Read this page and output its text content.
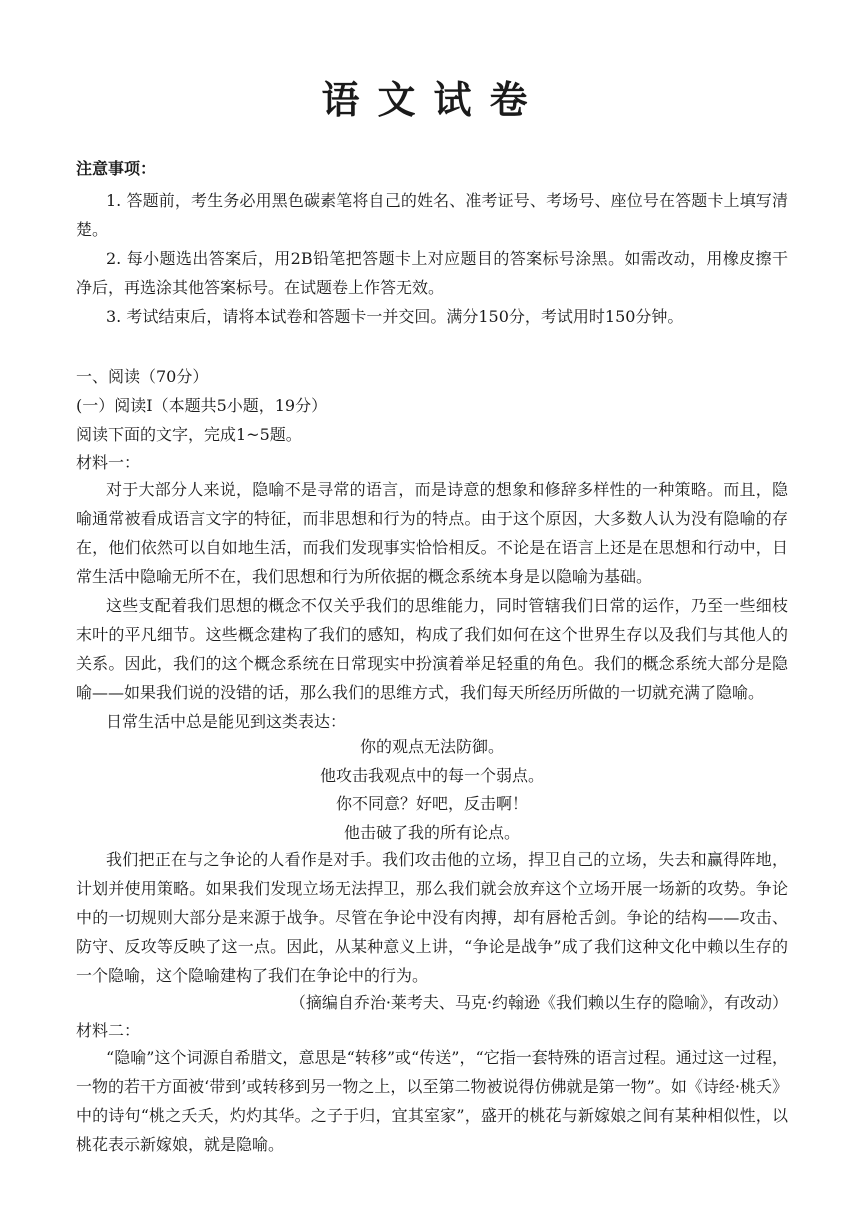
语文试卷
注意事项：

1. 答题前，考生务必用黑色碳素笔将自己的姓名、准考证号、考场号、座位号在答题卡上填写清楚。

2. 每小题选出答案后，用2B铅笔把答题卡上对应题目的答案标号涂黑。如需改动，用橡皮擦干净后，再选涂其他答案标号。在试题卷上作答无效。

3. 考试结束后，请将本试卷和答题卡一并交回。满分150分，考试用时150分钟。

一、阅读（70分）
(一）阅读Ⅰ（本题共5小题，19分）
阅读下面的文字，完成1~5题。
材料一：

对于大部分人来说，隐喻不是寻常的语言，而是诗意的想象和修辞多样性的一种策略。而且，隐喻通常被看成语言文字的特征，而非思想和行为的特点。由于这个原因，大多数人认为没有隐喻的存在，他们依然可以自如地生活，而我们发现事实恰恰相反。不论是在语言上还是在思想和行动中，日常生活中隐喻无所不在，我们思想和行为所依据的概念系统本身是以隐喻为基础。

这些支配着我们思想的概念不仅关乎我们的思维能力，同时管辖我们日常的运作，乃至一些细枝末叶的平凡细节。这些概念建构了我们的感知，构成了我们如何在这个世界生存以及我们与其他人的关系。因此，我们的这个概念系统在日常现实中扮演着举足轻重的角色。我们的概念系统大部分是隐喻——如果我们说的没错的话，那么我们的思维方式，我们每天所经历所做的一切就充满了隐喻。

日常生活中总是能见到这类表达：

你的观点无法防御。
他攻击我观点中的每一个弱点。
你不同意？好吧，反击啊！
他击破了我的所有论点。

我们把正在与之争论的人看作是对手。我们攻击他的立场，捍卫自己的立场，失去和赢得阵地，计划并使用策略。如果我们发现立场无法捍卫，那么我们就会放弃这个立场开展一场新的攻势。争论中的一切规则大部分是来源于战争。尽管在争论中没有肉搏，却有唇枪舌剑。争论的结构——攻击、防守、反攻等反映了这一点。因此，从某种意义上讲，“争论是战争”成了我们这种文化中赖以生存的一个隐喻，这个隐喻建构了我们在争论中的行为。

（摘编自乔治·莱考夫、马克·约翰逊《我们赖以生存的隐喻》，有改动）
材料二：

“隐喻”这个词源自希腊文，意思是“转移”或“传送”，“它指一套特殊的语言过程。通过这一过程，一物的若干方面被‘带到’或转移到另一物之上，以至第二物被说得仿佛就是第一物”。如《诗经·桃夭》中的诗句“桃之夭夭，灼灼其华。之子于归，宜其室家”，盛开的桃花与新嫁娘之间有某种相似性，以桃花表示新嫁娘，就是隐喻。
